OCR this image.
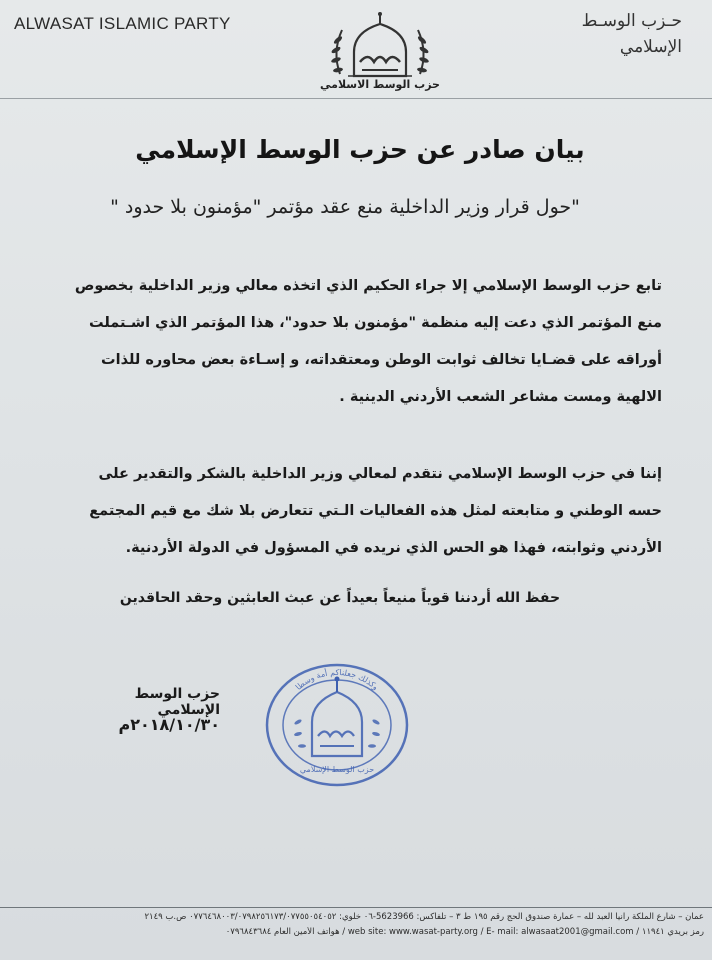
ALWASAT ISLAMIC PARTY	حـزب الوسـط
الإسلامي
حزب الوسط الاسلامي
بيان صادر عن حزب الوسط الإسلامي
"حول قرار وزير الداخلية منع عقد مؤتمر "مؤمنون بلا حدود "
تابع حزب الوسط الإسلامي إلا جراء الحكيم الذي اتخذه معالي وزير الداخلية بخصوص منع المؤتمر الذي دعت إليه منظمة "مؤمنون بلا حدود"، هذا المؤتمر الذي اشـتملت أوراقه على قضـايا تخالف ثوابت الوطن ومعتقداته، و إسـاءة بعض محاوره للذات الالهية ومست مشاعر الشعب الأردني الدينية .
إننا في حزب الوسط الإسلامي نتقدم لمعالي وزير الداخلية بالشكر والتقدير على حسه الوطني و متابعته لمثل هذه الفعاليات الـتي تتعارض بلا شك مع قيم المجتمع الأردني وثوابته، فهذا هو الحس الذي نريده في المسؤول في الدولة الأردنية.
حفظ الله أردننا قوياً منيعاً بعيداً عن عبث العابثين وحقد الحاقدين
حزب الوسط الإسلامي
٢٠١٨/١٠/٣٠م
وكذلك جعلناكم أمة وسطا
حزب الوسط الإسلامي
عمان – شارع الملكة رانيا العبد لله – عمارة صندوق الحج رقم ١٩٥ ط ٣ – تلفاكس: 5623966-٠٦ خلوي: ٠٧٧٦٤٦٨٠٠٣/٠٧٩٨٢٥٦١٧٣/٠٧٧٥٥٠٥٤٠٥٢ ص.ب ٢١٤٩
رمز بريدي ١١٩٤١ / web site: www.wasat-party.org / E- mail: alwasaat2001@gmail.com / هواتف الأمين العام ٠٧٩٦٨٤٣٦٨٤
